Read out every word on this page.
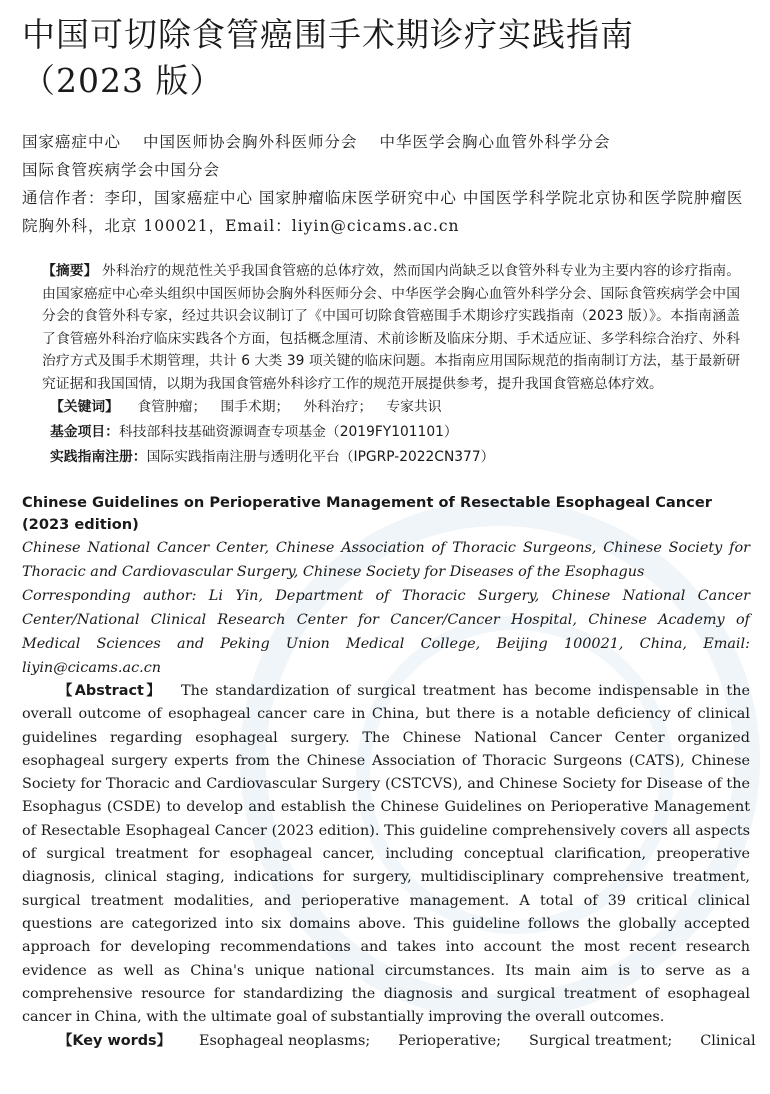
中国可切除食管癌围手术期诊疗实践指南（2023 版）
国家癌症中心 中国医师协会胸外科医师分会 中华医学会胸心血管外科学分会
国际食管疾病学会中国分会
通信作者：李印，国家癌症中心 国家肿瘤临床医学研究中心 中国医学科学院北京协和医学院肿瘤医院胸外科，北京 100021，Email：liyin@cicams.ac.cn
【摘要】 外科治疗的规范性关乎我国食管癌的总体疗效，然而国内尚缺乏以食管外科专业为主要内容的诊疗指南。由国家癌症中心牵头组织中国医师协会胸外科医师分会、中华医学会胸心血管外科学分会、国际食管疾病学会中国分会的食管外科专家，经过共识会议制订了《中国可切除食管癌围手术期诊疗实践指南（2023 版）》。本指南涵盖了食管癌外科治疗临床实践各个方面，包括概念厘清、术前诊断及临床分期、手术适应证、多学科综合治疗、外科治疗方式及围手术期管理，共计 6 大类 39 项关键的临床问题。本指南应用国际规范的指南制订方法，基于最新研究证据和我国国情，以期为我国食管癌外科诊疗工作的规范开展提供参考，提升我国食管癌总体疗效。
【关键词】 食管肿瘤； 围手术期； 外科治疗； 专家共识
基金项目：科技部科技基础资源调查专项基金（2019FY101101）
实践指南注册：国际实践指南注册与透明化平台（IPGRP-2022CN377）
Chinese Guidelines on Perioperative Management of Resectable Esophageal Cancer (2023 edition)
Chinese National Cancer Center, Chinese Association of Thoracic Surgeons, Chinese Society for Thoracic and Cardiovascular Surgery, Chinese Society for Diseases of the Esophagus
Corresponding author: Li Yin, Department of Thoracic Surgery, Chinese National Cancer Center/National Clinical Research Center for Cancer/Cancer Hospital, Chinese Academy of Medical Sciences and Peking Union Medical College, Beijing 100021, China, Email: liyin@cicams.ac.cn
【Abstract】 The standardization of surgical treatment has become indispensable in the overall outcome of esophageal cancer care in China, but there is a notable deficiency of clinical guidelines regarding esophageal surgery. The Chinese National Cancer Center organized esophageal surgery experts from the Chinese Association of Thoracic Surgeons (CATS), Chinese Society for Thoracic and Cardiovascular Surgery (CSTCVS), and Chinese Society for Disease of the Esophagus (CSDE) to develop and establish the Chinese Guidelines on Perioperative Management of Resectable Esophageal Cancer (2023 edition). This guideline comprehensively covers all aspects of surgical treatment for esophageal cancer, including conceptual clarification, preoperative diagnosis, clinical staging, indications for surgery, multidisciplinary comprehensive treatment, surgical treatment modalities, and perioperative management. A total of 39 critical clinical questions are categorized into six domains above. This guideline follows the globally accepted approach for developing recommendations and takes into account the most recent research evidence as well as China's unique national circumstances. Its main aim is to serve as a comprehensive resource for standardizing the diagnosis and surgical treatment of esophageal cancer in China, with the ultimate goal of substantially improving the overall outcomes.
【Key words】 Esophageal neoplasms; Perioperative; Surgical treatment; Clinical
